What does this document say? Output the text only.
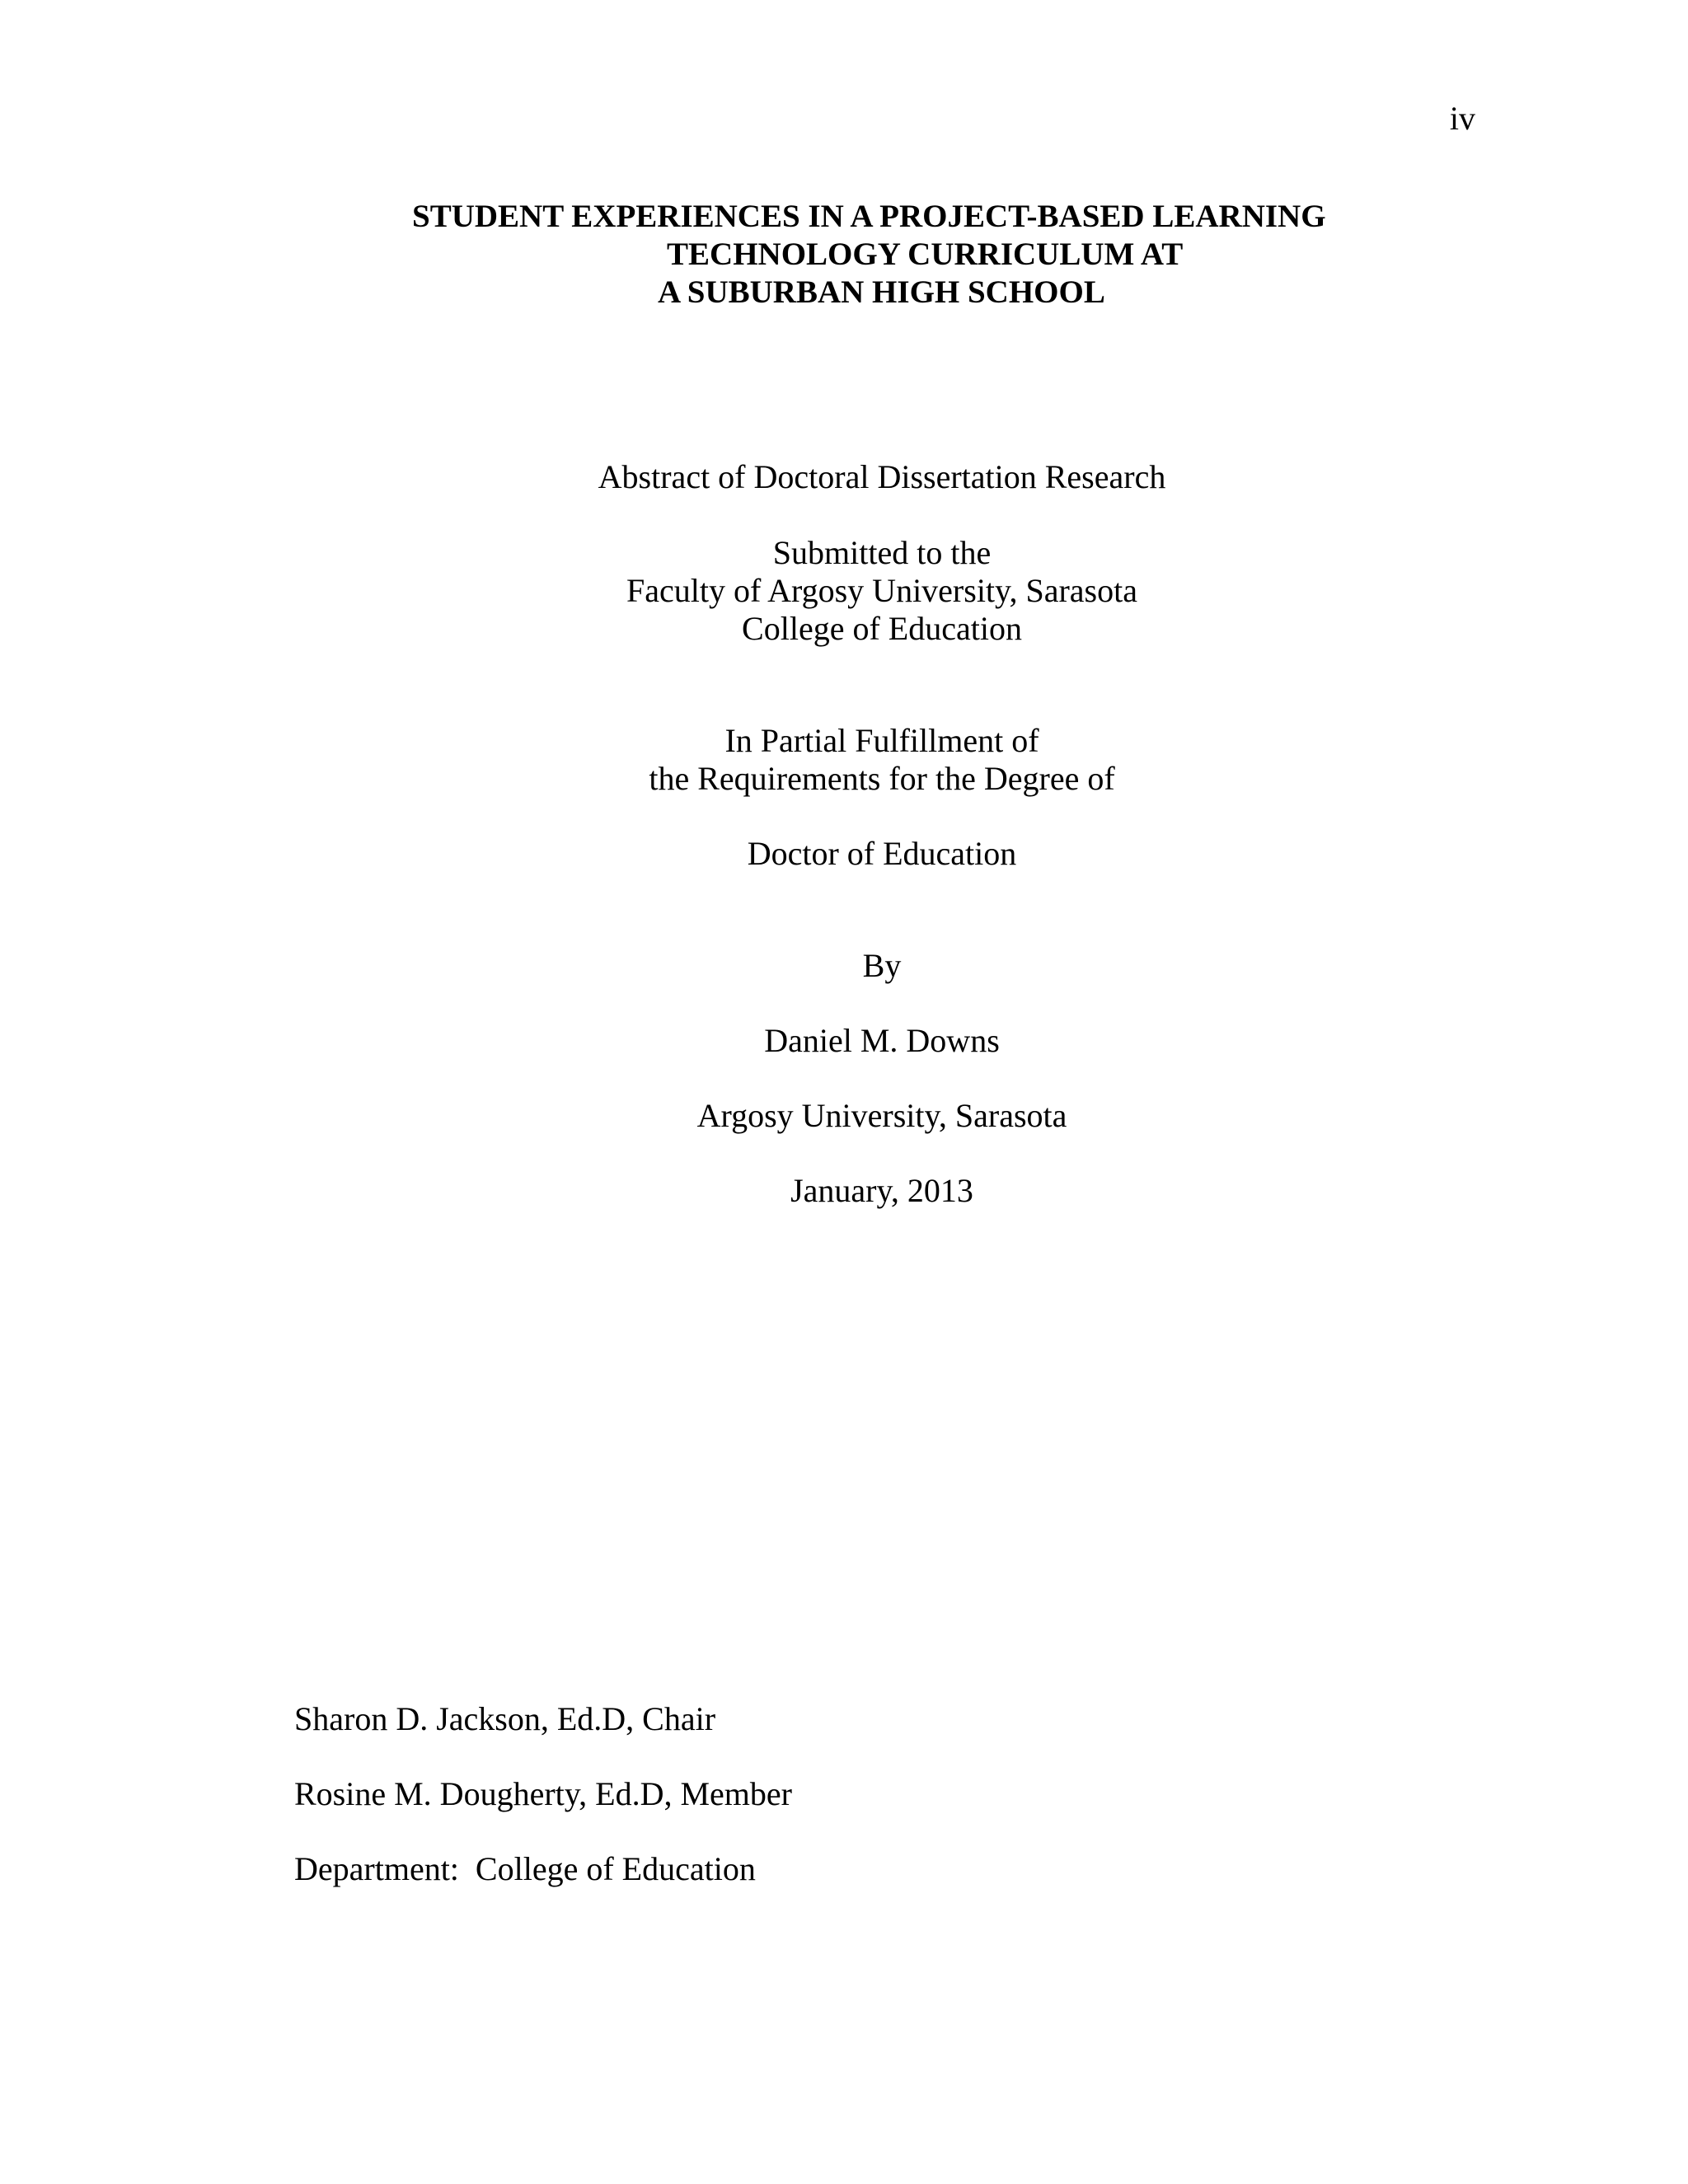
iv
STUDENT EXPERIENCES IN A PROJECT-BASED LEARNING
TECHNOLOGY CURRICULUM AT
A SUBURBAN HIGH SCHOOL
Abstract of Doctoral Dissertation Research
Submitted to the
Faculty of Argosy University, Sarasota
College of Education
In Partial Fulfillment of
the Requirements for the Degree of
Doctor of Education
By
Daniel M. Downs
Argosy University, Sarasota
January, 2013
Sharon D. Jackson, Ed.D, Chair
Rosine M. Dougherty, Ed.D, Member
Department:  College of Education
